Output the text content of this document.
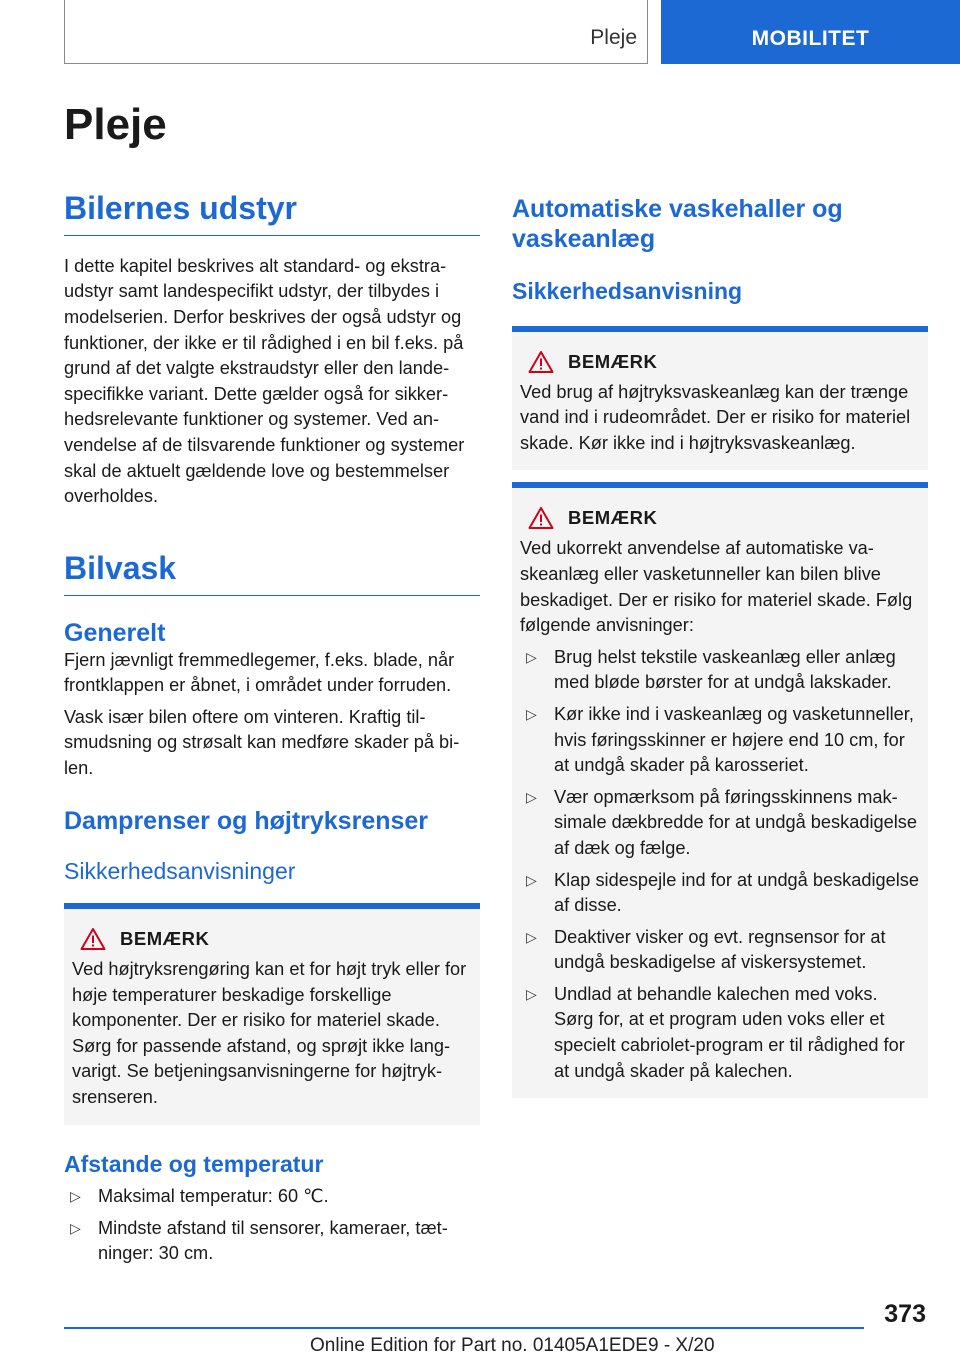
Pleje	MOBILITET
Pleje
Bilernes udstyr

I dette kapitel beskrives alt standard- og ekstraudstyr samt landespecifikt udstyr, der tilbydes i modelserien. Derfor beskrives der også udstyr og funktioner, der ikke er til rådighed i en bil f.eks. på grund af det valgte ekstraudstyr eller den landespecifikke variant. Dette gælder også for sikkerhedsrelevante funktioner og systemer. Ved anvendelse af de tilsvarende funktioner og systemer skal de aktuelt gældende love og bestemmelser overholdes.

Bilvask
Generelt

Fjern jævnligt fremmedlegemer, f.eks. blade, når frontklappen er åbnet, i området under forruden.

Vask især bilen oftere om vinteren. Kraftig tilsmudsning og strøsalt kan medføre skader på bilen.

Damprenser og højtryksrenser
Sikkerhedsanvisninger
BEMÆRK

Ved højtryksrengøring kan et for højt tryk eller for høje temperaturer beskadige forskellige komponenter. Der er risiko for materiel skade. Sørg for passende afstand, og sprøjt ikke langvarigt. Se betjeningsanvisningerne for højtryksrenseren.

Afstande og temperatur
▷ Maksimal temperatur: 60 ℃.
▷ Mindste afstand til sensorer, kameraer, tætninger: 30 cm.
Automatiske vaskehaller og vaskeanlæg
Sikkerhedsanvisning
BEMÆRK

Ved brug af højtryksvaskeanlæg kan der trænge vand ind i rudeområdet. Der er risiko for materiel skade. Kør ikke ind i højtryksvaskeanlæg.

BEMÆRK

Ved ukorrekt anvendelse af automatiske vaskeanlæg eller vasketunneller kan bilen blive beskadiget. Der er risiko for materiel skade. Følg følgende anvisninger:

▷ Brug helst tekstile vaskeanlæg eller anlæg med bløde børster for at undgå lakskader.
▷ Kør ikke ind i vaskeanlæg og vasketunneller, hvis føringsskinner er højere end 10 cm, for at undgå skader på karosseriet.
▷ Vær opmærksom på føringsskinnens maksimale dækbredde for at undgå beskadigelse af dæk og fælge.
▷ Klap sidespejle ind for at undgå beskadigelse af disse.
▷ Deaktiver visker og evt. regnsensor for at undgå beskadigelse af viskersystemet.
▷ Undlad at behandle kalechen med voks. Sørg for, at et program uden voks eller et specielt cabriolet-program er til rådighed for at undgå skader på kalechen.
373
Online Edition for Part no. 01405A1EDE9 - X/20
